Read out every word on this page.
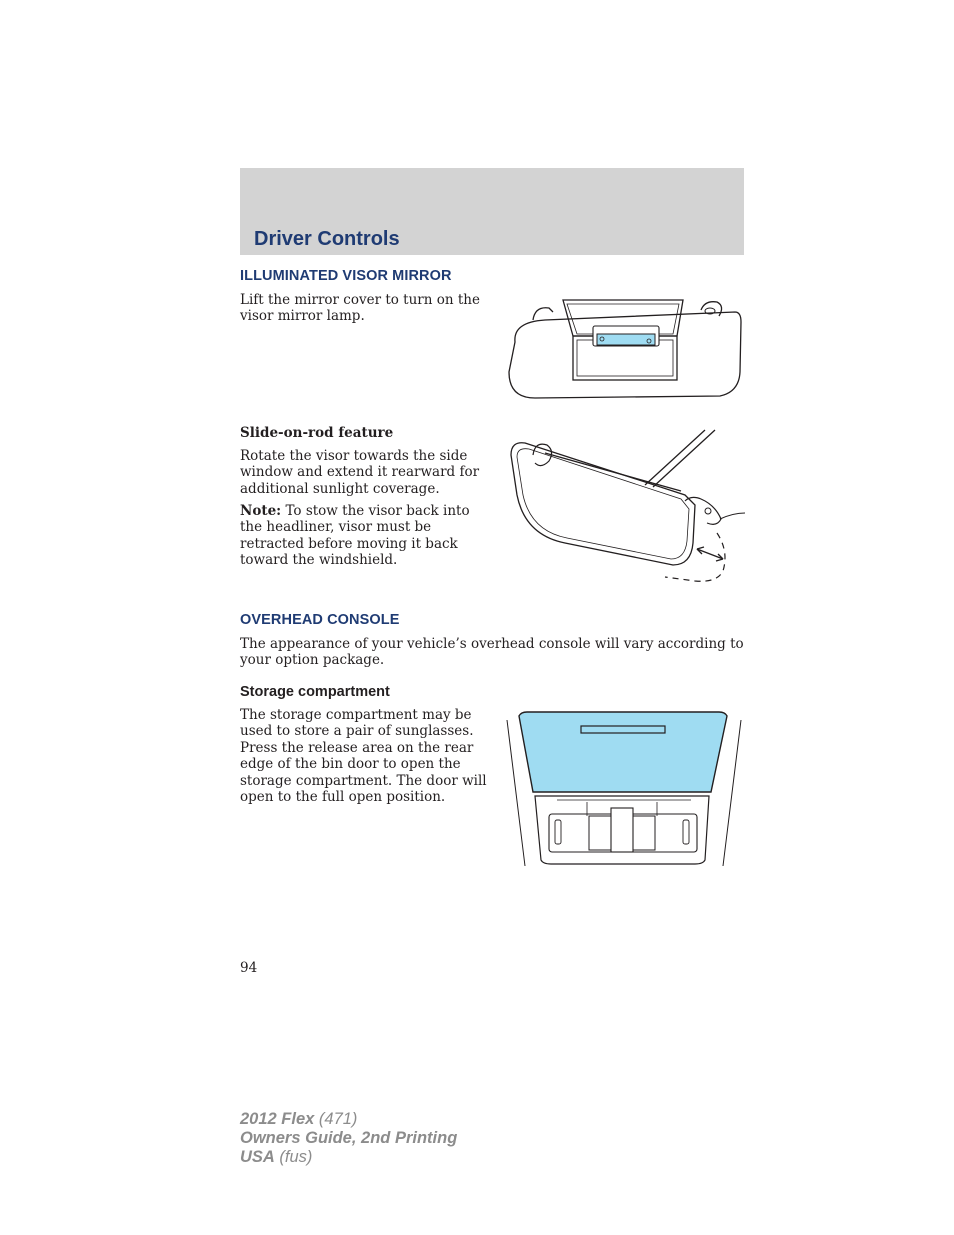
Driver Controls
ILLUMINATED VISOR MIRROR

Lift the mirror cover to turn on the visor mirror lamp.

Slide-on-rod feature

Rotate the visor towards the side window and extend it rearward for additional sunlight coverage.

Note: To stow the visor back into the headliner, visor must be retracted before moving it back toward the windshield.

OVERHEAD CONSOLE

The appearance of your vehicle’s overhead console will vary according to your option package.

Storage compartment

The storage compartment may be used to store a pair of sunglasses. Press the release area on the rear edge of the bin door to open the storage compartment. The door will open to the full open position.

94
2012 Flex (471)
Owners Guide, 2nd Printing
USA (fus)
